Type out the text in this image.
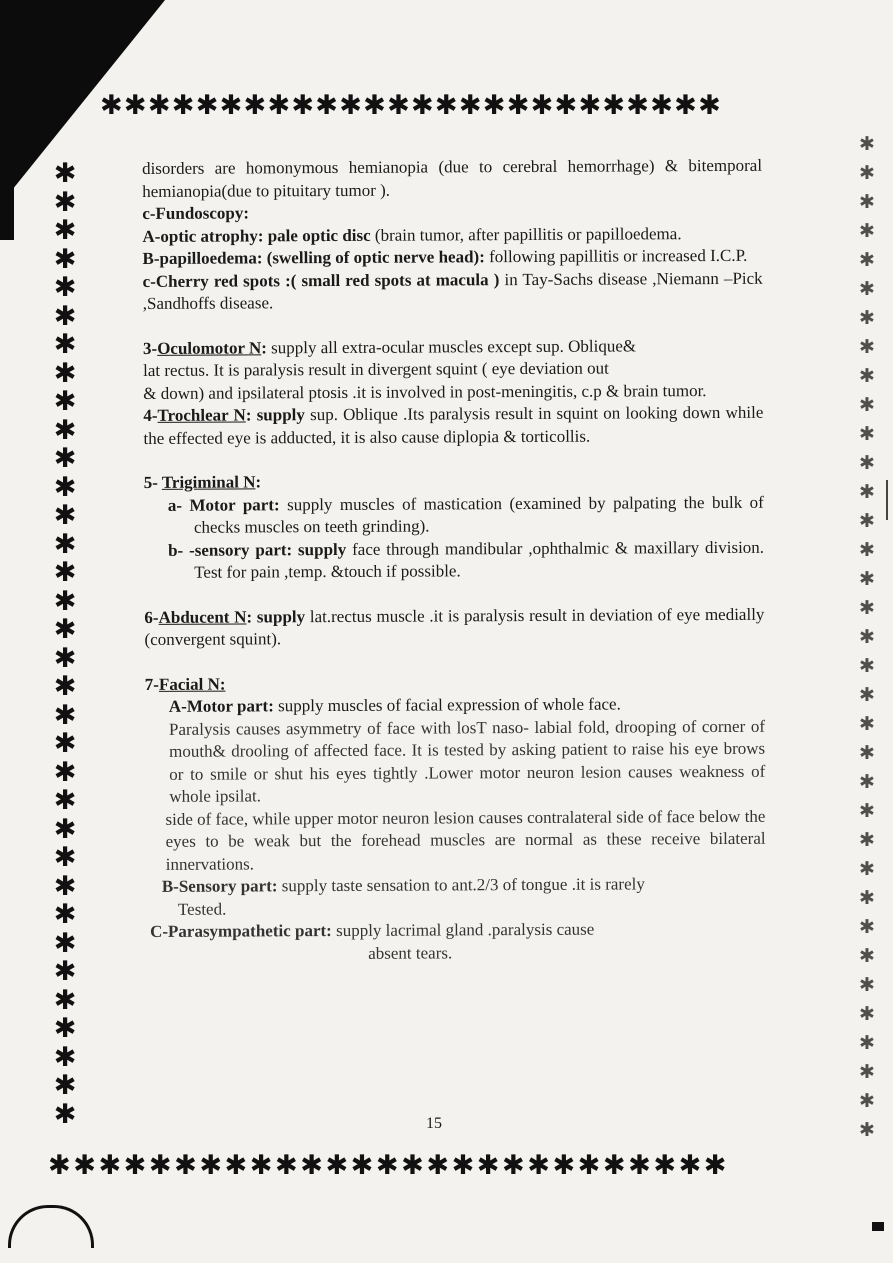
✱✱✱✱✱✱✱✱✱✱✱✱✱✱✱✱✱✱✱✱✱✱✱✱✱✱
✱
✱
✱
✱
✱
✱
✱
✱
✱
✱
✱
✱
✱
✱
✱
✱
✱
✱
✱
✱
✱
✱
✱
✱
✱
✱
✱
✱
✱
✱
✱
✱
✱
✱
✱
✱
✱
✱
✱
✱
✱
✱
✱
✱
✱
✱
✱
✱
✱
✱
✱
✱
✱
✱
✱
✱
✱
✱
✱
✱
✱
✱
✱
✱
✱
✱
✱
✱
✱
✱✱✱✱✱✱✱✱✱✱✱✱✱✱✱✱✱✱✱✱✱✱✱✱✱✱✱

disorders are homonymous hemianopia (due to cerebral hemorrhage) & bitemporal hemianopia(due to pituitary tumor ).

c-Fundoscopy:

A-optic atrophy: pale optic disc (brain tumor, after papillitis or papilloedema.

B-papilloedema: (swelling of optic nerve head): following papillitis or increased I.C.P.

c-Cherry red spots :( small red spots at macula ) in Tay-Sachs disease ,Niemann –Pick ,Sandhoffs disease.

3-Oculomotor N: supply all extra-ocular muscles except sup. Oblique&

lat rectus. It is paralysis result in divergent squint ( eye deviation out

& down) and ipsilateral ptosis .it is involved in post-meningitis, c.p & brain tumor.

4-Trochlear N: supply sup. Oblique .Its paralysis result in squint on looking down while the effected eye is adducted, it is also cause diplopia & torticollis.

5- Trigiminal N:

a- Motor part: supply muscles of mastication (examined by palpating the bulk of checks muscles on teeth grinding).

b- -sensory part: supply face through mandibular ,ophthalmic & maxillary division. Test for pain ,temp. &touch if possible.

6-Abducent N: supply lat.rectus muscle .it is paralysis result in deviation of eye medially (convergent squint).

7-Facial N:

A-Motor part: supply muscles of facial expression of whole face.

Paralysis causes asymmetry of face with losT naso- labial fold, drooping of corner of mouth& drooling of affected face. It is tested by asking patient to raise his eye brows or to smile or shut his eyes tightly .Lower motor neuron lesion causes weakness of whole ipsilat.

side of face, while upper motor neuron lesion causes contralateral side of face below the eyes to be weak but the forehead muscles are normal as these receive bilateral innervations.

B-Sensory part: supply taste sensation to ant.2/3 of tongue .it is rarely

Tested.

C-Parasympathetic part: supply lacrimal gland .paralysis cause

absent tears.

15
